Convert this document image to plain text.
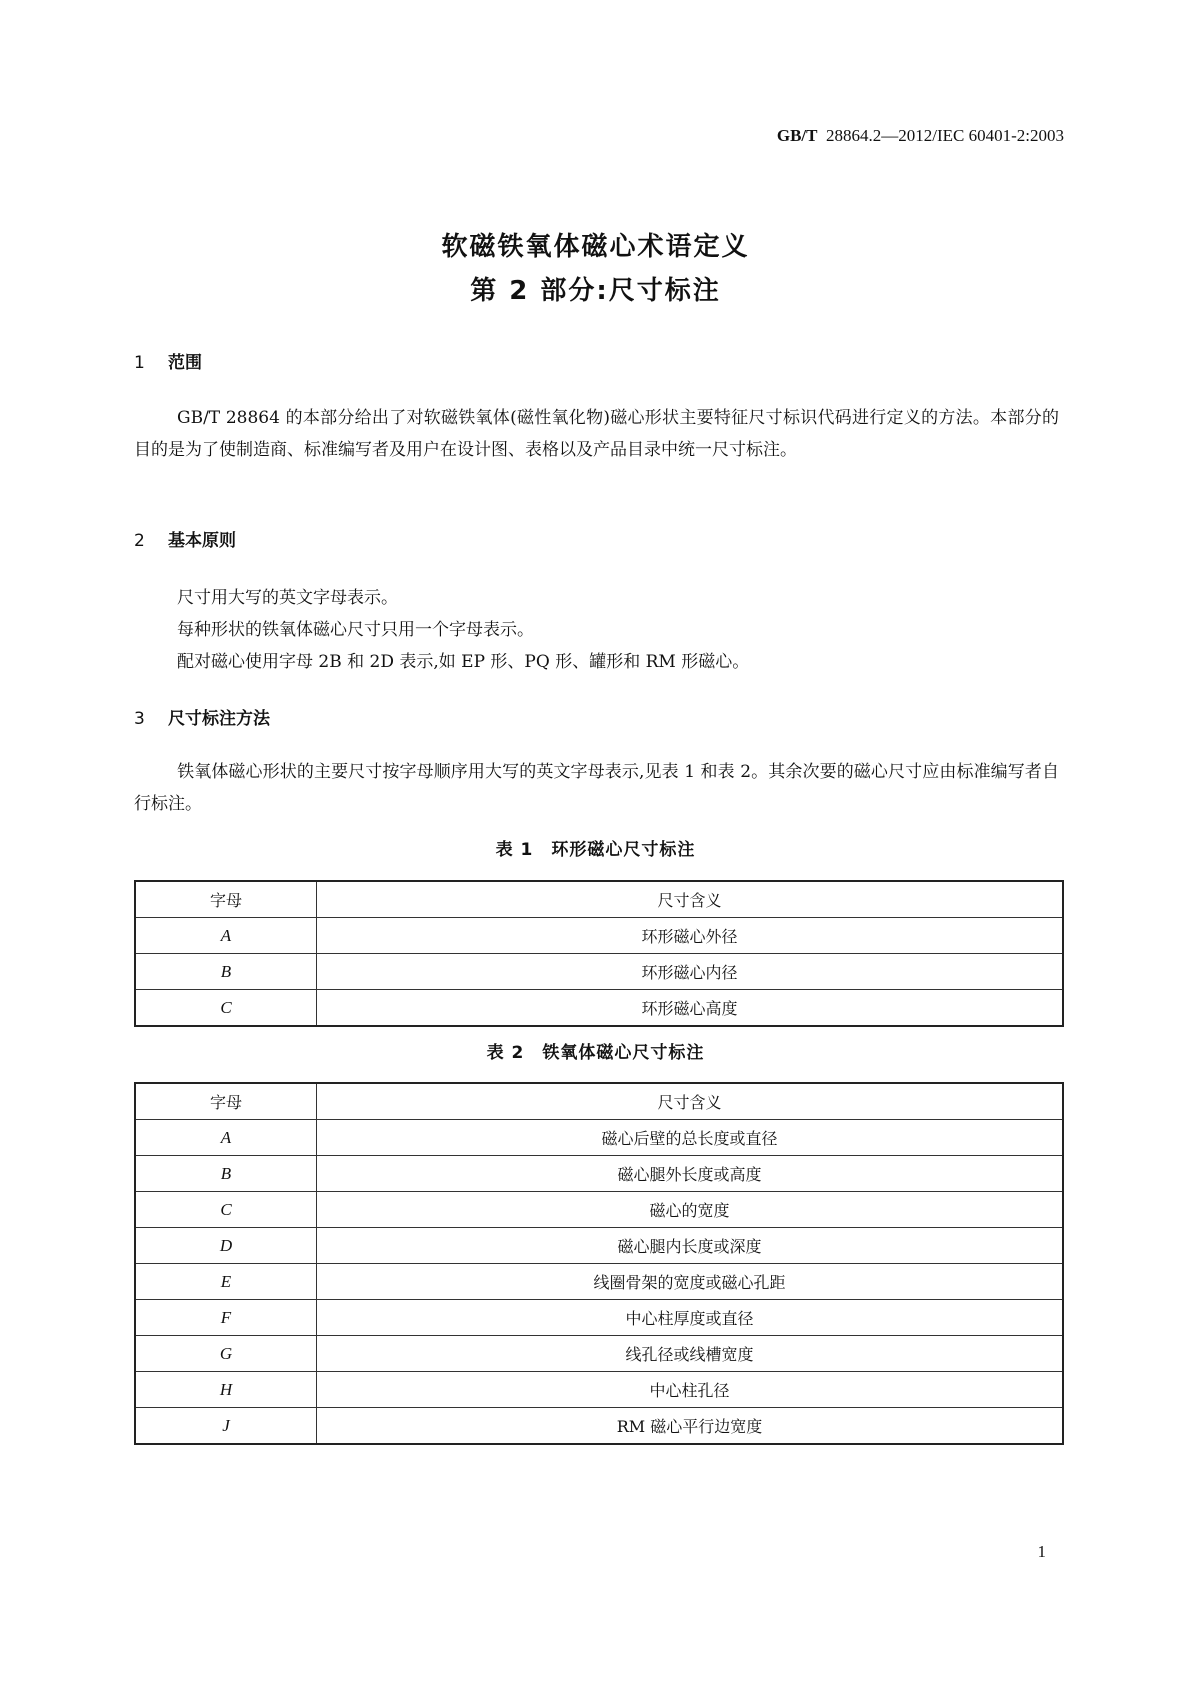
GB/T 28864.2—2012/IEC 60401-2:2003
软磁铁氧体磁心术语定义
第 2 部分:尺寸标注
1 范围
GB/T 28864 的本部分给出了对软磁铁氧体(磁性氧化物)磁心形状主要特征尺寸标识代码进行定义的方法。本部分的目的是为了使制造商、标准编写者及用户在设计图、表格以及产品目录中统一尺寸标注。
2 基本原则
尺寸用大写的英文字母表示。
每种形状的铁氧体磁心尺寸只用一个字母表示。
配对磁心使用字母 2B 和 2D 表示,如 EP 形、PQ 形、罐形和 RM 形磁心。
3 尺寸标注方法
铁氧体磁心形状的主要尺寸按字母顺序用大写的英文字母表示,见表 1 和表 2。其余次要的磁心尺寸应由标准编写者自行标注。
表 1　环形磁心尺寸标注
字母	尺寸含义
A	环形磁心外径
B	环形磁心内径
C	环形磁心高度
表 2　铁氧体磁心尺寸标注
字母	尺寸含义
A	磁心后壁的总长度或直径
B	磁心腿外长度或高度
C	磁心的宽度
D	磁心腿内长度或深度
E	线圈骨架的宽度或磁心孔距
F	中心柱厚度或直径
G	线孔径或线槽宽度
H	中心柱孔径
J	RM 磁心平行边宽度
1
